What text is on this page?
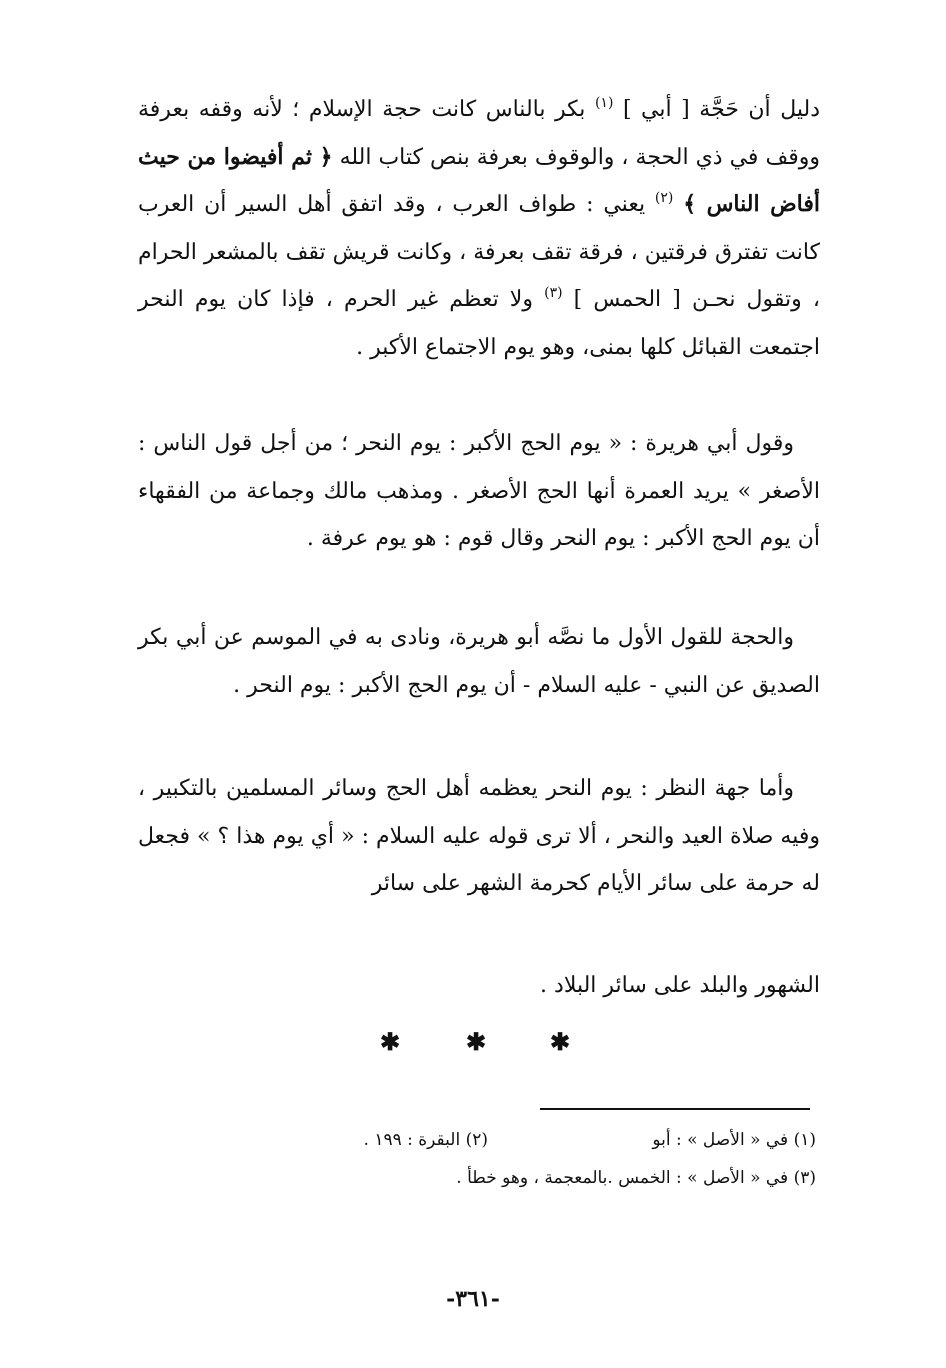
دليل أن حَجَّة [ أبي ] $^{(١)}$ بكر بالناس كانت حجة الإسلام ؛ لأنه وقفه بعرفة ووقف في ذي الحجة ، والوقوف بعرفة بنص كتاب الله ﴿ ثم أفيضوا من حيث أفاض الناس ﴾ $^{(٢)}$ يعني : طواف العرب ، وقد اتفق أهل السير أن العرب كانت تفترق فرقتين ، فرقة تقف بعرفة ، وكانت قريش تقف بالمشعر الحرام ، وتقول نحـن [ الحمس ] $^{(٣)}$ ولا تعظم غير الحرم ، فإذا كان يوم النحر اجتمعت القبائل كلها بمنى، وهو يوم الاجتماع الأكبر .

وقول أبي هريرة : « يوم الحج الأكبر : يوم النحر ؛ من أجل قول الناس : الأصغر » يريد العمرة أنها الحج الأصغر . ومذهب مالك وجماعة من الفقهاء أن يوم الحج الأكبر : يوم النحر وقال قوم : هو يوم عرفة .

والحجة للقول الأول ما نصَّه أبو هريرة، ونادى به في الموسم عن أبي بكر الصديق عن النبي - عليه السلام - أن يوم الحج الأكبر : يوم النحر .

وأما جهة النظر : يوم النحر يعظمه أهل الحج وسائر المسلمين بالتكبير ، وفيه صلاة العيد والنحر ، ألا ترى قوله عليه السلام : « أي يوم هذا ؟ » فجعل له حرمة على سائر الأيام كحرمة الشهر على سائر

الشهور والبلد على سائر البلاد .

✱	✱	✱
(١) في « الأصل » : أبو
(٢) البقرة : ١٩٩ .
(٣) في « الأصل » : الخمس .بالمعجمة ، وهو خطأ .
-٣٦١-
